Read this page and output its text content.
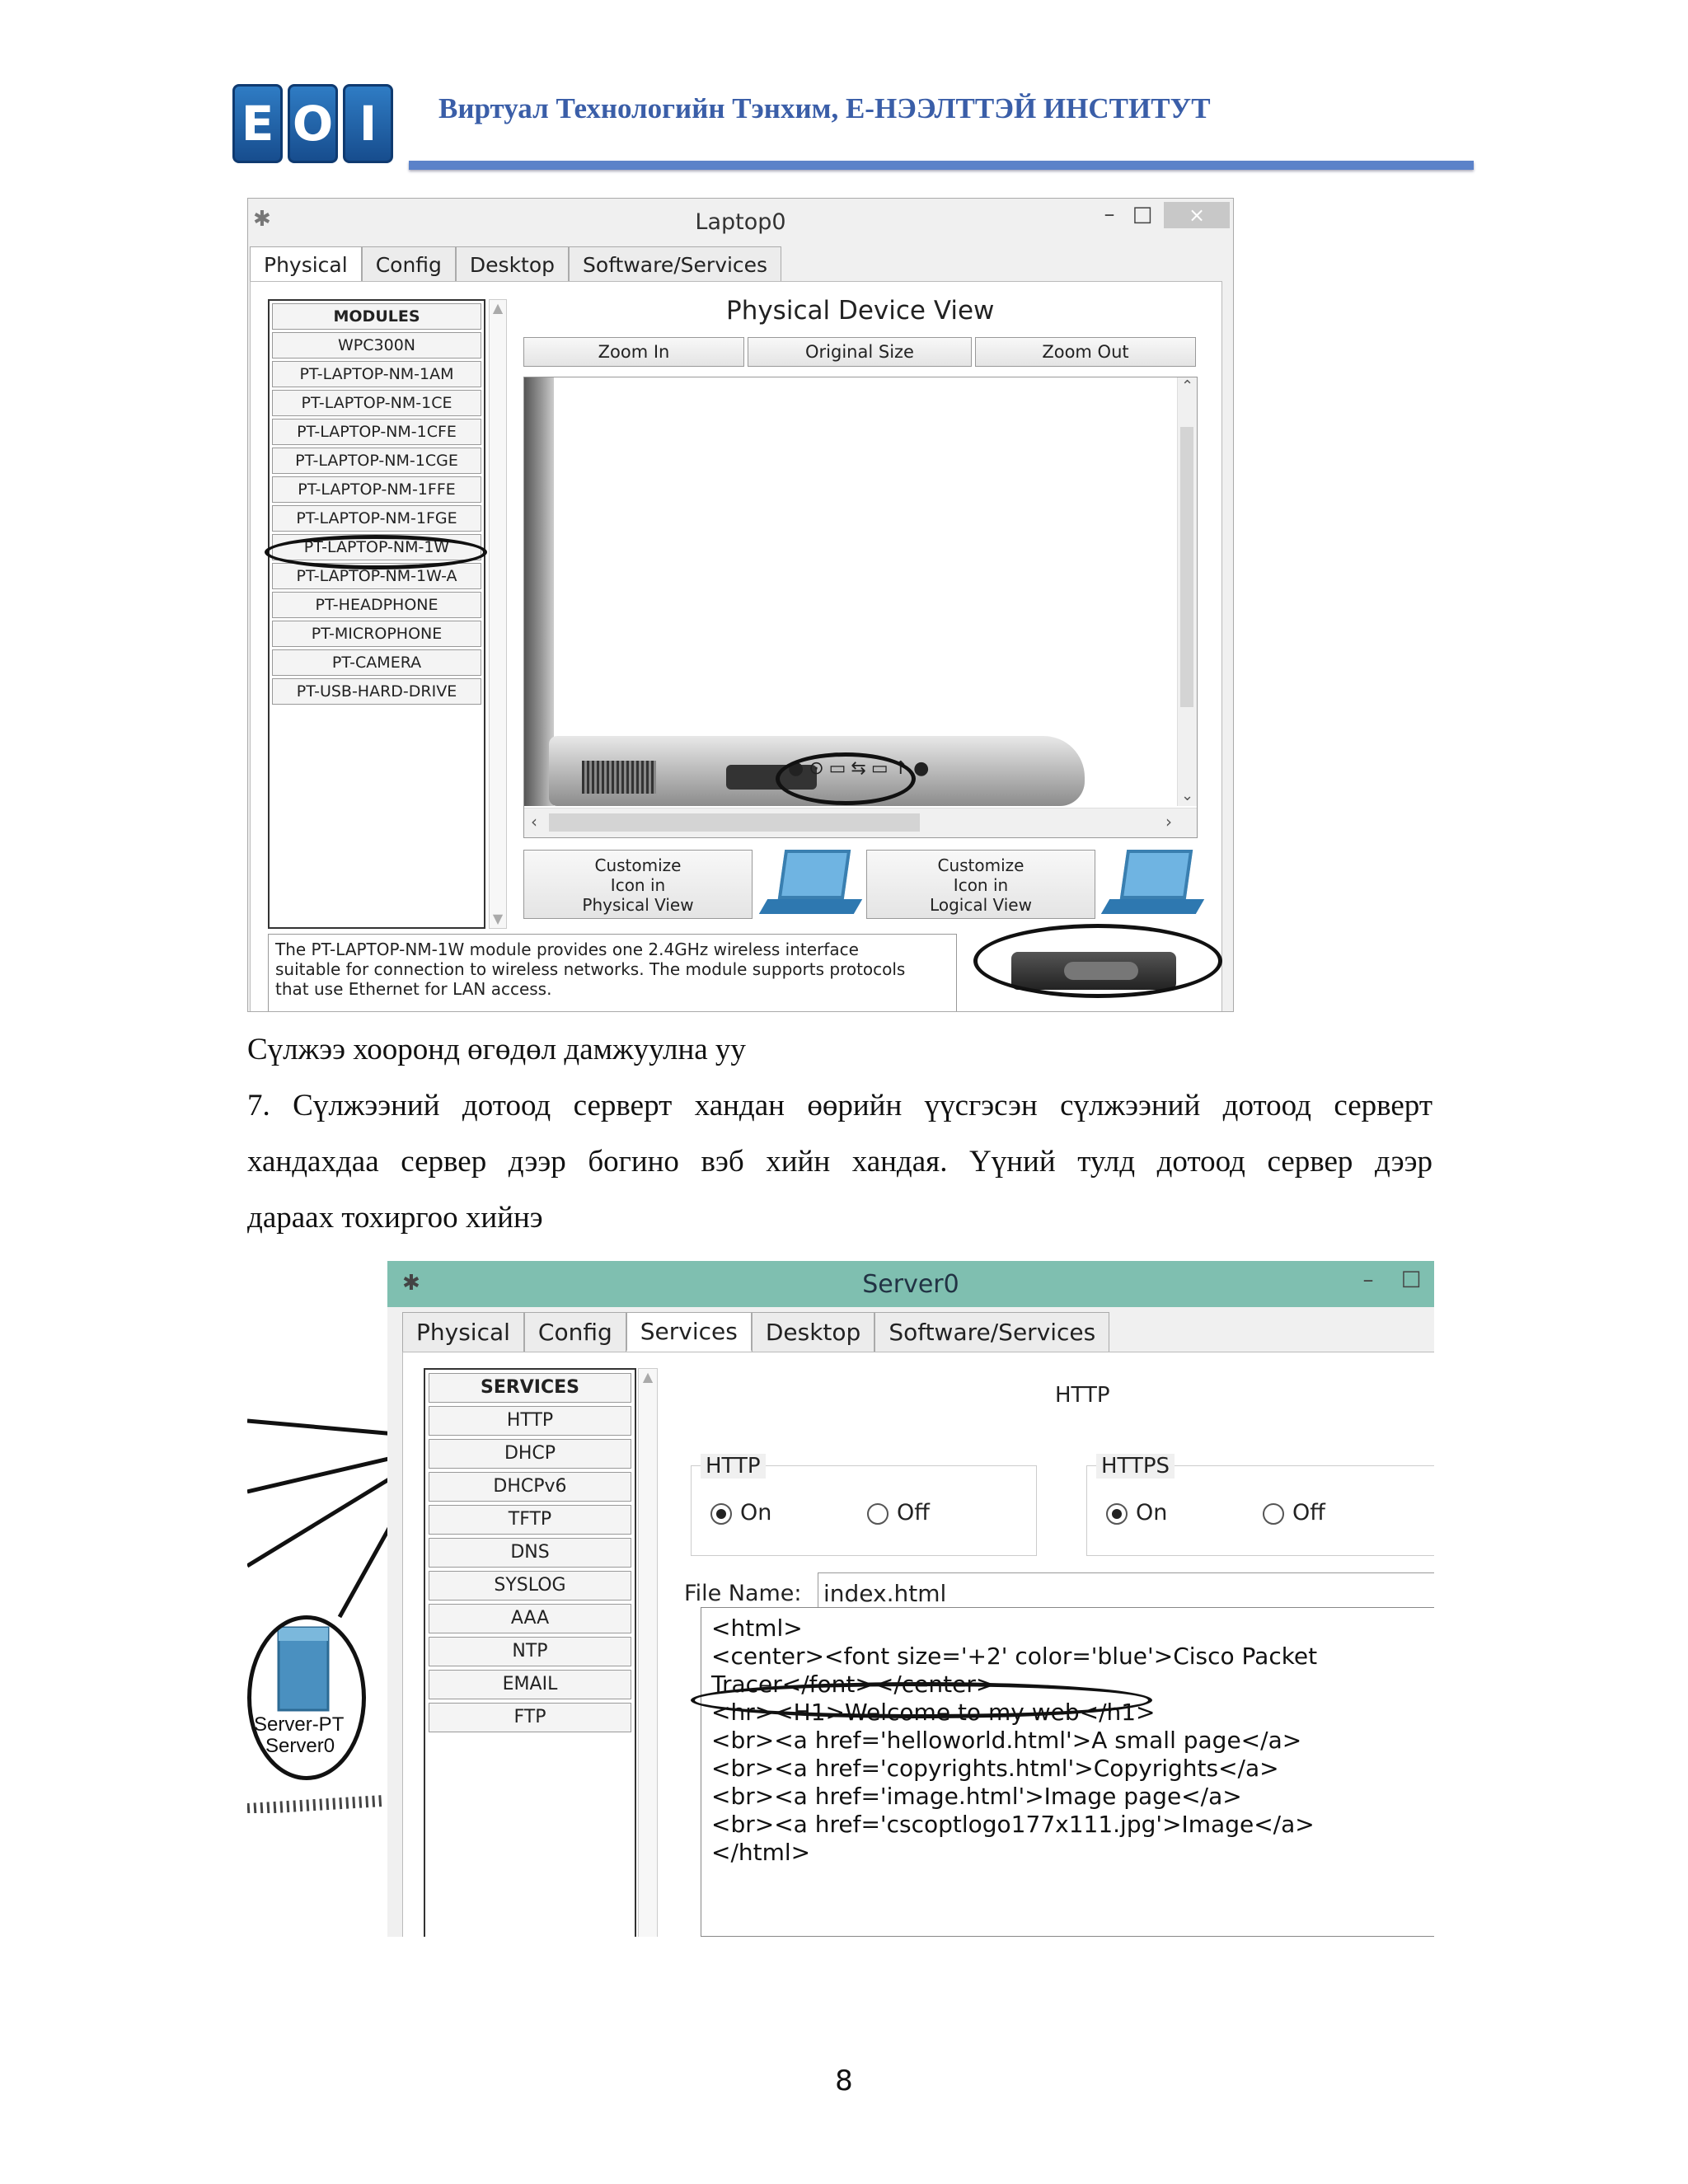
E O I	Виртуал Технологийн Тэнхим, Е-НЭЭЛТТЭЙ ИНСТИТУТ
✱	Laptop0	– □	×
Physical	Config	Desktop	Software/Services
MODULES
WPC300N
PT-LAPTOP-NM-1AM
PT-LAPTOP-NM-1CE
PT-LAPTOP-NM-1CFE
PT-LAPTOP-NM-1CGE
PT-LAPTOP-NM-1FFE
PT-LAPTOP-NM-1FGE
PT-LAPTOP-NM-1W
PT-LAPTOP-NM-1W-A
PT-HEADPHONE
PT-MICROPHONE
PT-CAMERA
PT-USB-HARD-DRIVE
▲
▼
Physical Device View
Zoom In	Original Size	Zoom Out
●⊙▭⇆▭↑●
⌃
⌄
‹	›
Customize
Icon in
Physical View
Customize
Icon in
Logical View
The PT-LAPTOP-NM-1W module provides one 2.4GHz wireless interface
suitable for connection to wireless networks. The module supports protocols
that use Ethernet for LAN access.
Сүлжээ хооронд өгөдөл дамжуулна уу
7. Сүлжээний дотоод серверт хандан өөрийн үүсгэсэн сүлжээний дотоод серверт
хандахдаа сервер дээр богино вэб хийн хандая. Үүний тулд дотоод сервер дээр
дараах тохиргоо хийнэ
Server-PT
Server0
✱	Server0	–	□
Physical	Config	Services	Desktop	Software/Services
SERVICES
HTTP
DHCP
DHCPv6
TFTP
DNS
SYSLOG
AAA
NTP
EMAIL
FTP
▲
HTTP
HTTP
On	Off
HTTPS
On	Off
File Name: index.html
<html>
<center><font size='+2' color='blue'>Cisco Packet
Tracer</font></center>
<hr><H1>Welcome to my web</h1>
<br><a href='helloworld.html'>A small page</a>
<br><a href='copyrights.html'>Copyrights</a>
<br><a href='image.html'>Image page</a>
<br><a href='cscoptlogo177x111.jpg'>Image</a>
</html>
8
